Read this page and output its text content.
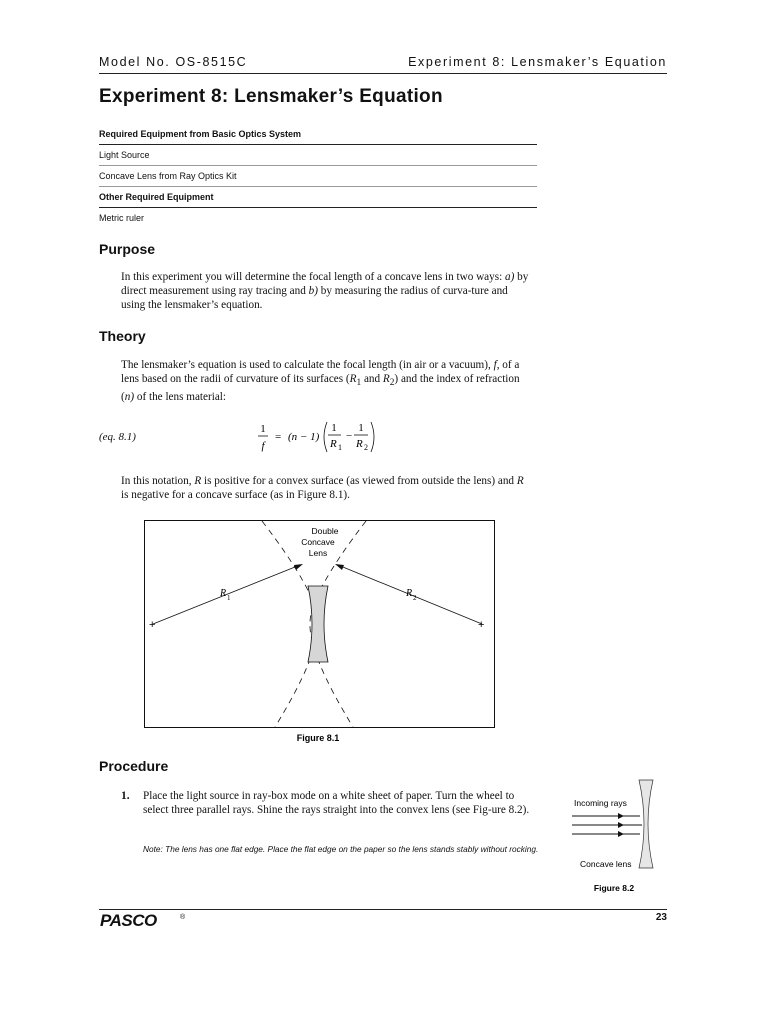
Model No. OS-8515C	Experiment 8: Lensmaker’s Equation
Experiment 8: Lensmaker’s Equation
Required Equipment from Basic Optics System
Light Source
Concave Lens from Ray Optics Kit
Other Required Equipment
Metric ruler
Purpose
In this experiment you will determine the focal length of a concave lens in two ways: a) by direct measurement using ray tracing and b) by measuring the radius of curva-ture and using the lensmaker’s equation.
Theory
The lensmaker’s equation is used to calculate the focal length (in air or a vacuum), f, of a lens based on the radii of curvature of its surfaces ($R_1$ and $R_2$) and the index of refraction (n) of the lens material:
(eq. 8.1)
1
f
= (n − 1)
1
R 1
−
1
R 2
In this notation, R is positive for a convex surface (as viewed from outside the lens) and R is negative for a concave surface (as in Figure 8.1).
Double
Concave
Lens
+
R 1
+
R 2
Figure 8.1
Procedure
1. Place the light source in ray-box mode on a white sheet of paper. Turn the wheel to select three parallel rays. Shine the rays straight into the convex lens (see Fig-ure 8.2).
Note: The lens has one flat edge. Place the flat edge on the paper so the lens stands stably without rocking.
Incoming rays
Concave lens
Figure 8.2
PASCO	®	23
